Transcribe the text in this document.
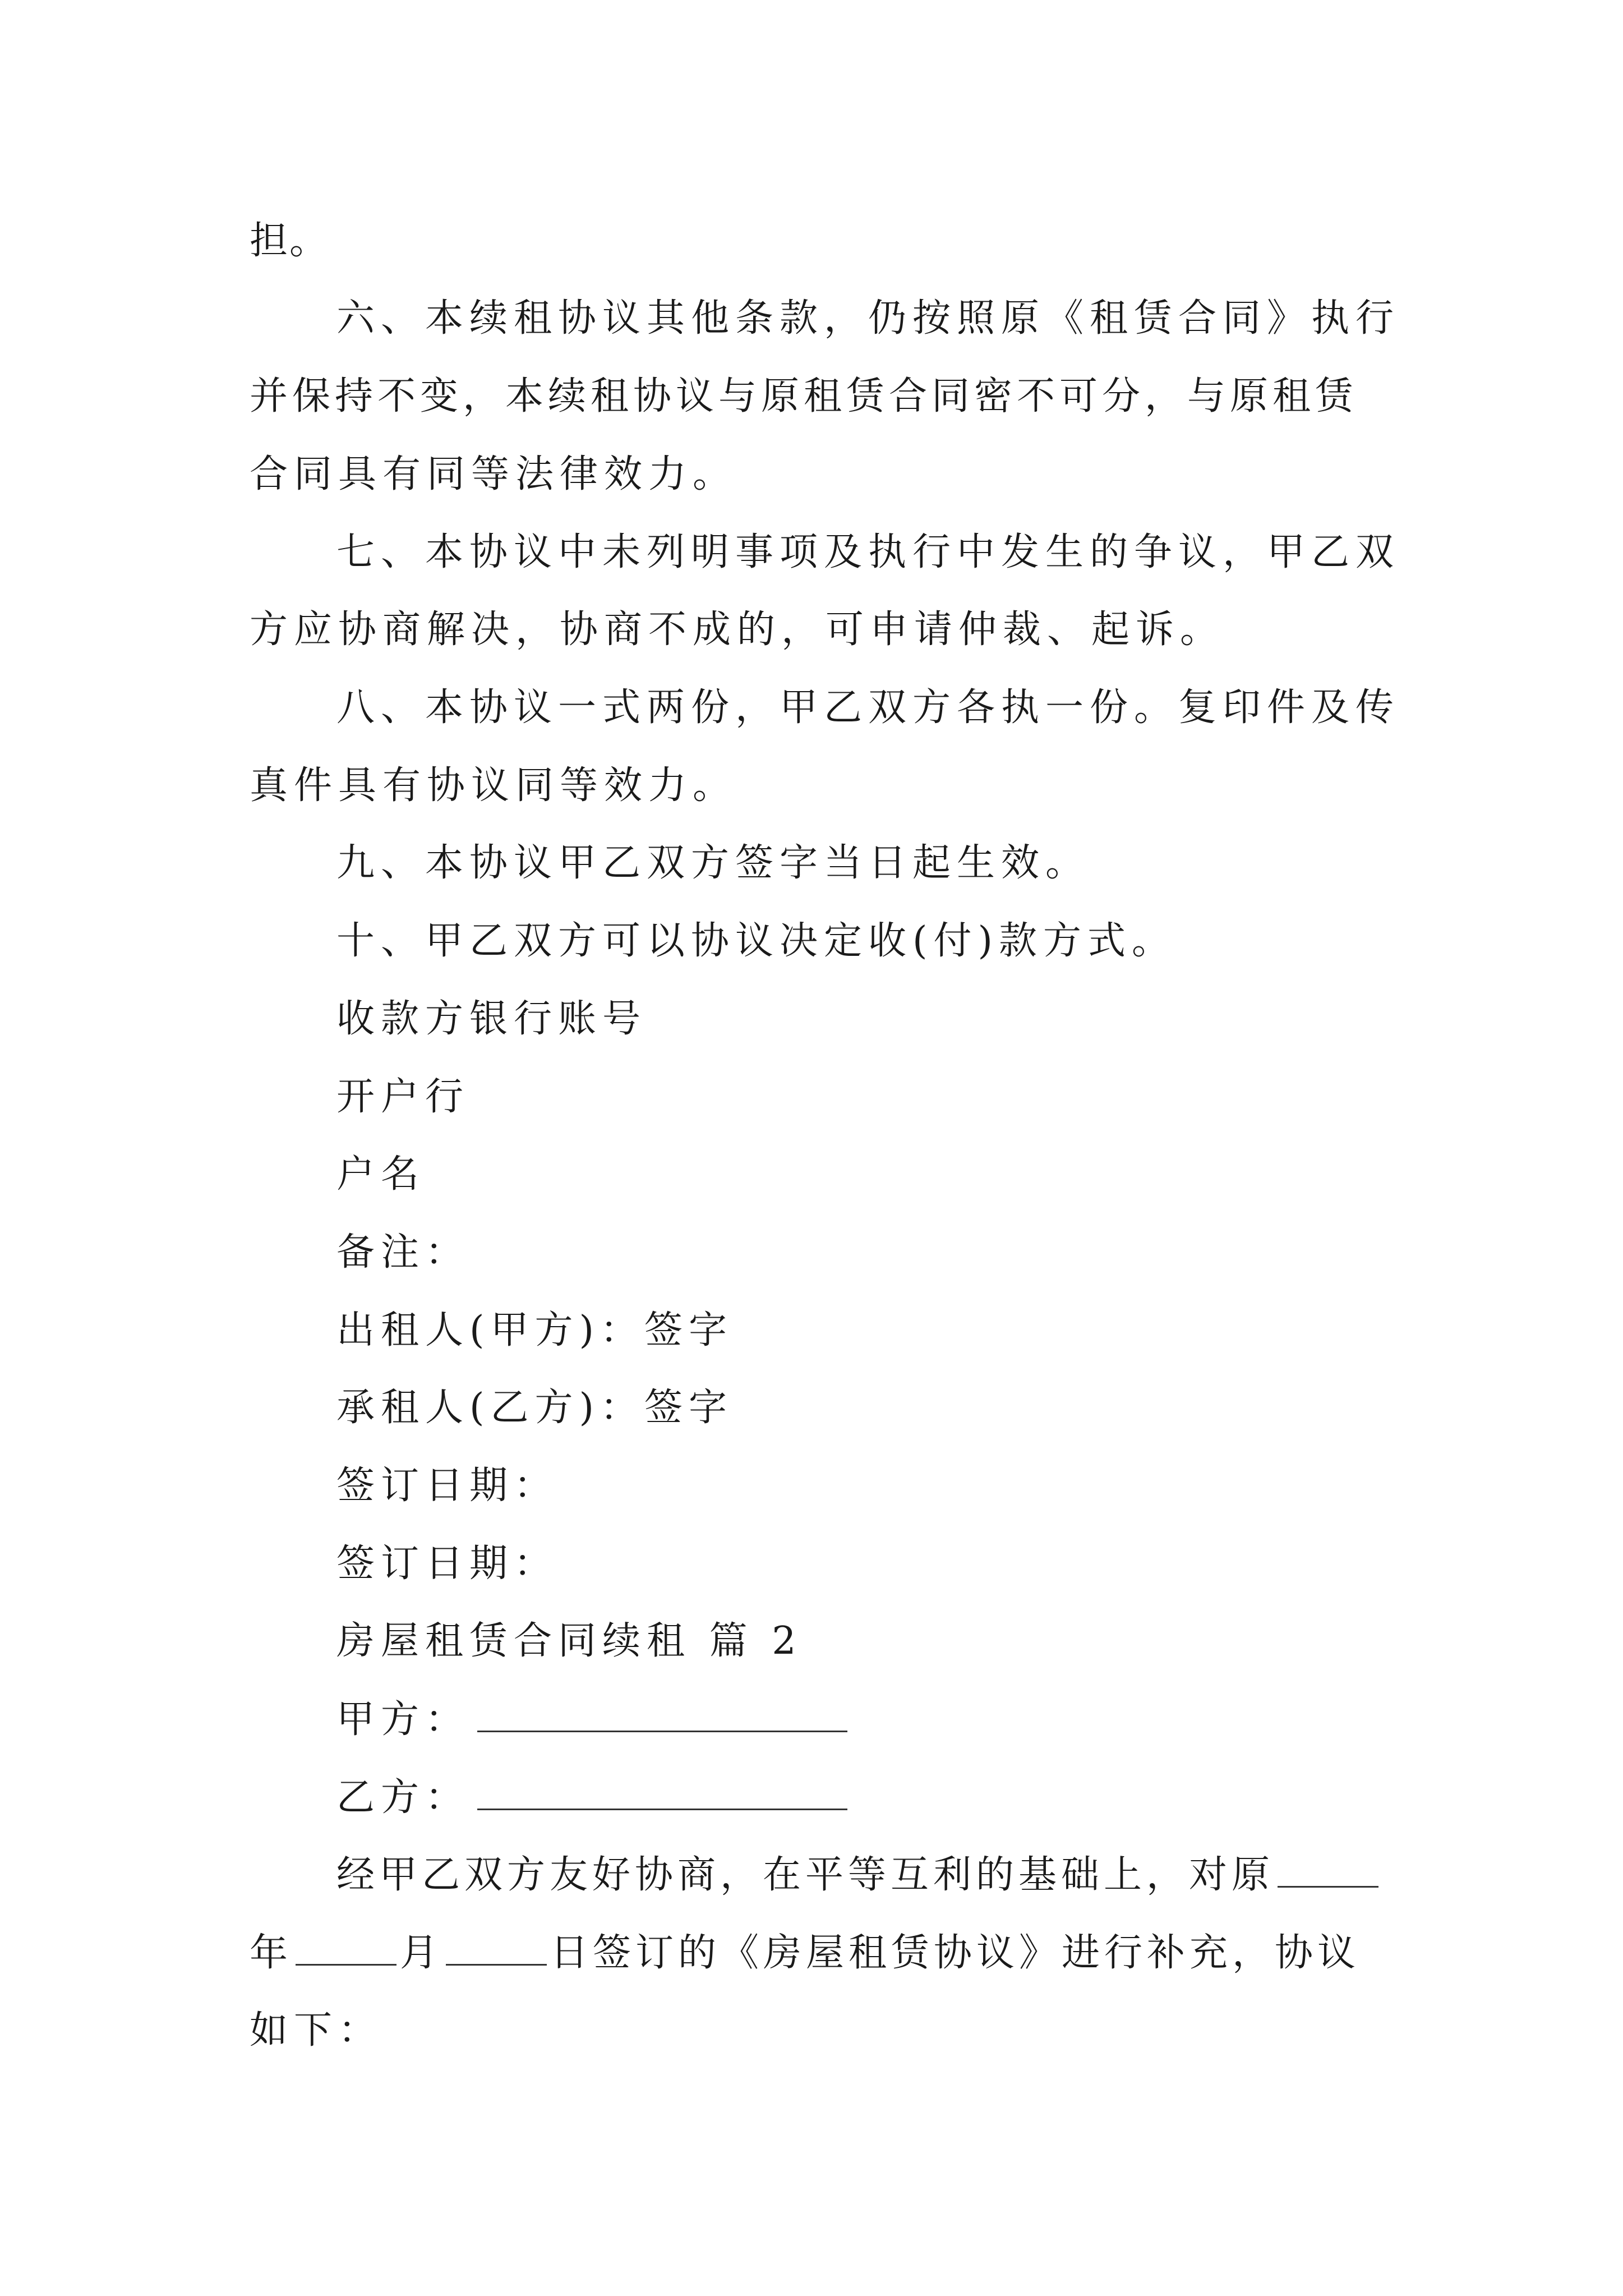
担。
六、本续租协议其他条款，仍按照原《租赁合同》执行
并保持不变，本续租协议与原租赁合同密不可分，与原租赁
合同具有同等法律效力。
七、本协议中未列明事项及执行中发生的争议，甲乙双
方应协商解决，协商不成的，可申请仲裁、起诉。
八、本协议一式两份，甲乙双方各执一份。复印件及传
真件具有协议同等效力。
九、本协议甲乙双方签字当日起生效。
十、甲乙双方可以协议决定收(付)款方式。
收款方银行账号
开户行
户名
备注：
出租人(甲方)：签字
承租人(乙方)：签字
签订日期：
签订日期：
房屋租赁合同续租 篇 2
甲方：
乙方：
经甲乙双方友好协商，在平等互利的基础上，对原
年	月	日签订的《房屋租赁协议》进行补充，协议
如下：
